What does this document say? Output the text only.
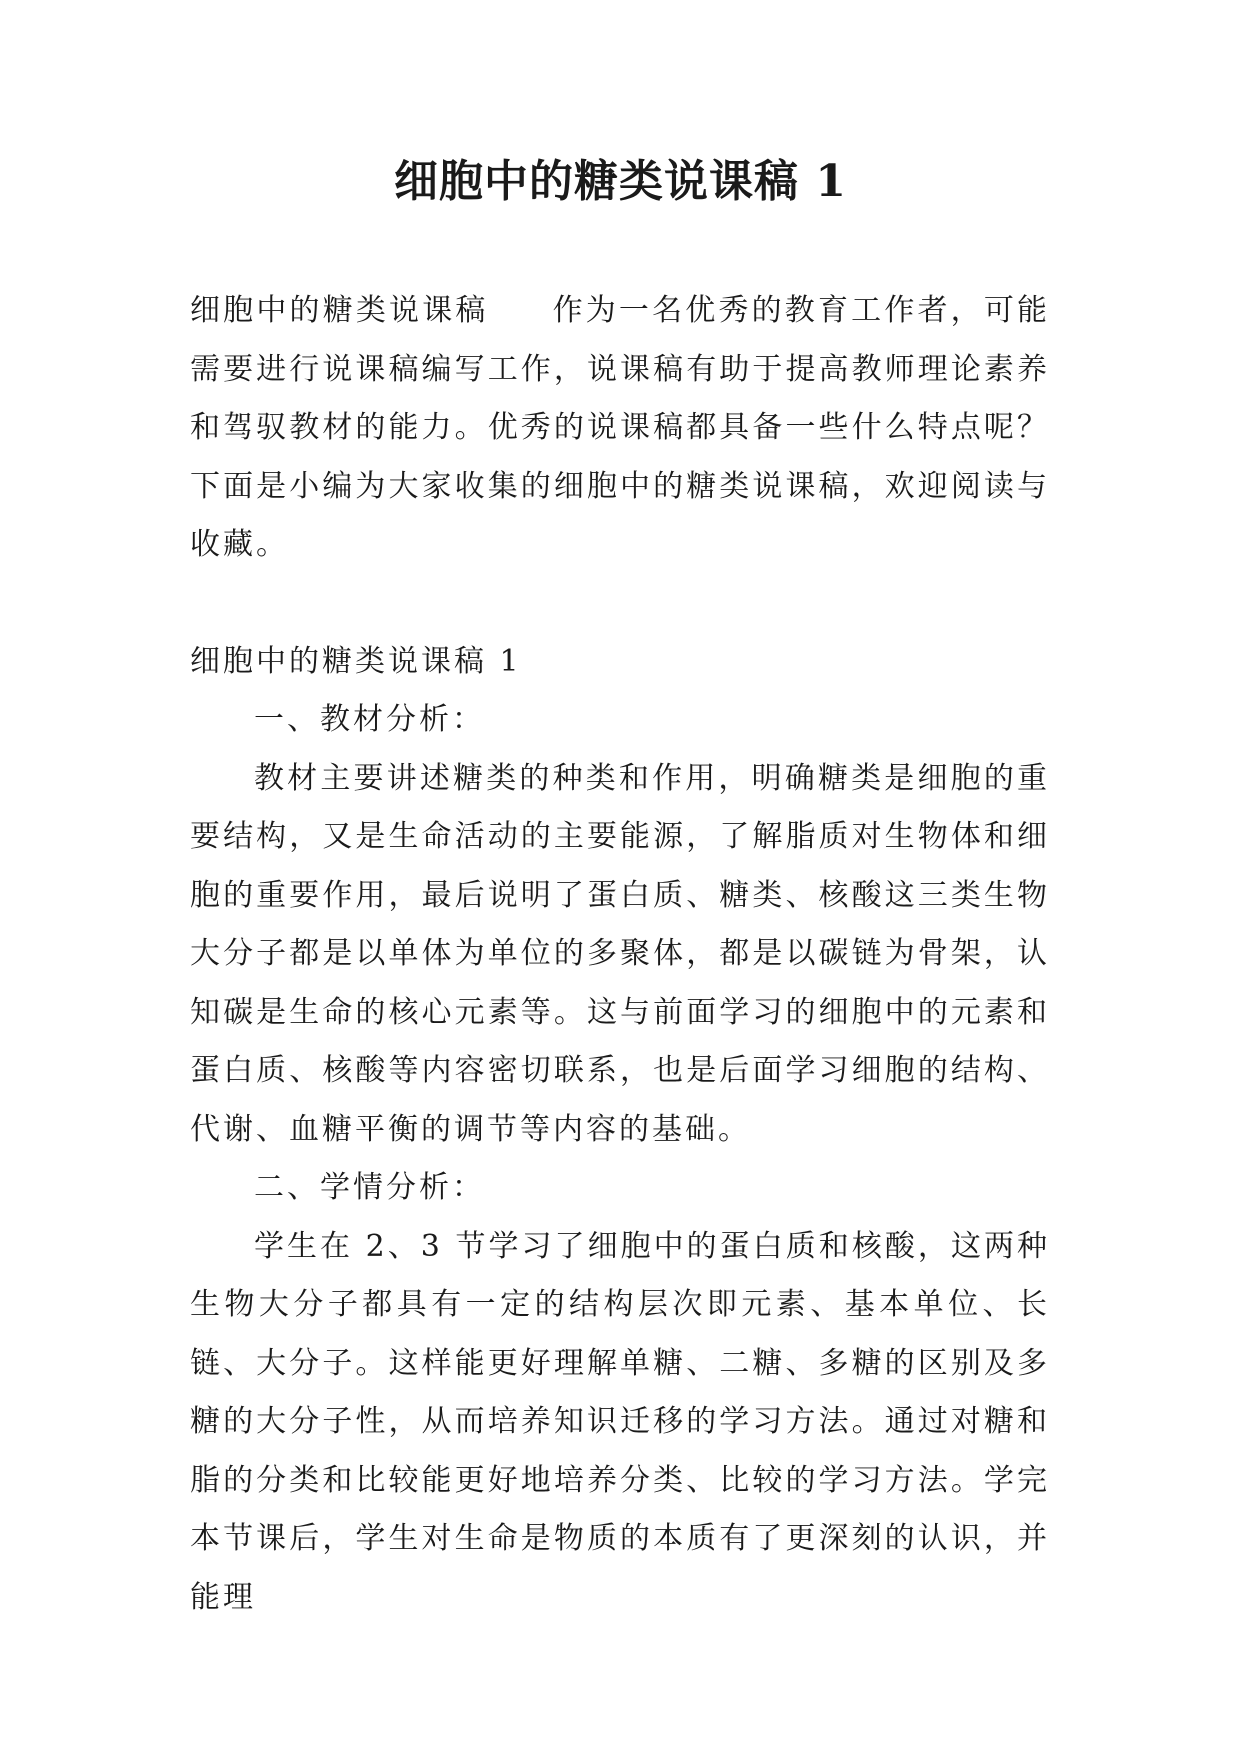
细胞中的糖类说课稿 1

细胞中的糖类说课稿 作为一名优秀的教育工作者，可能需要进行说课稿编写工作，说课稿有助于提高教师理论素养和驾驭教材的能力。优秀的说课稿都具备一些什么特点呢？下面是小编为大家收集的细胞中的糖类说课稿，欢迎阅读与收藏。

细胞中的糖类说课稿 1

一、教材分析：

教材主要讲述糖类的种类和作用，明确糖类是细胞的重要结构，又是生命活动的主要能源，了解脂质对生物体和细胞的重要作用，最后说明了蛋白质、糖类、核酸这三类生物大分子都是以单体为单位的多聚体，都是以碳链为骨架，认知碳是生命的核心元素等。这与前面学习的细胞中的元素和蛋白质、核酸等内容密切联系，也是后面学习细胞的结构、代谢、血糖平衡的调节等内容的基础。

二、学情分析：

学生在 2、3 节学习了细胞中的蛋白质和核酸，这两种生物大分子都具有一定的结构层次即元素、基本单位、长链、大分子。这样能更好理解单糖、二糖、多糖的区别及多糖的大分子性，从而培养知识迁移的学习方法。通过对糖和脂的分类和比较能更好地培养分类、比较的学习方法。学完本节课后，学生对生命是物质的本质有了更深刻的认识，并能理
